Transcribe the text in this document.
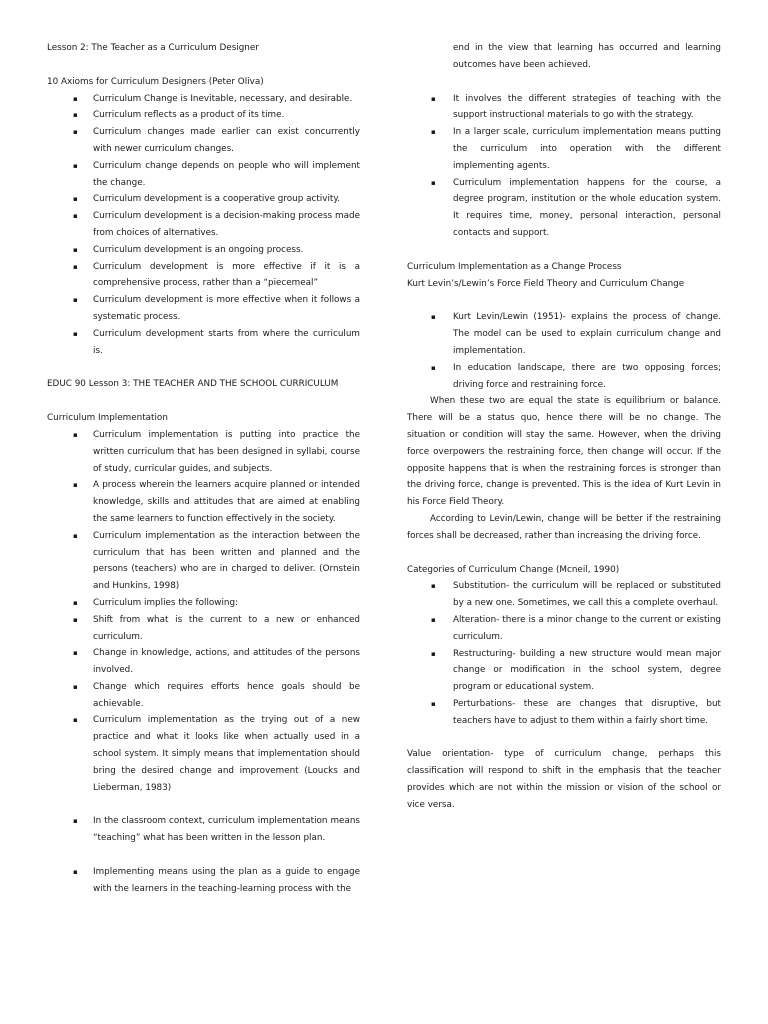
Lesson 2: The Teacher as a Curriculum Designer
10 Axioms for Curriculum Designers (Peter Oliva)
▪ Curriculum Change is Inevitable, necessary, and desirable.
▪ Curriculum reflects as a product of its time.
▪ Curriculum changes made earlier can exist concurrently with newer curriculum changes.
▪ Curriculum change depends on people who will implement the change.
▪ Curriculum development is a cooperative group activity.
▪ Curriculum development is a decision-making process made from choices of alternatives.
▪ Curriculum development is an ongoing process.
▪ Curriculum development is more effective if it is a comprehensive process, rather than a “piecemeal”
▪ Curriculum development is more effective when it follows a systematic process.
▪ Curriculum development starts from where the curriculum is.
EDUC 90 Lesson 3: THE TEACHER AND THE SCHOOL CURRICULUM
Curriculum Implementation
▪ Curriculum implementation is putting into practice the written curriculum that has been designed in syllabi, course of study, curricular guides, and subjects.
▪ A process wherein the learners acquire planned or intended knowledge, skills and attitudes that are aimed at enabling the same learners to function effectively in the society.
▪ Curriculum implementation as the interaction between the curriculum that has been written and planned and the persons (teachers) who are in charged to deliver. (Ornstein and Hunkins, 1998)
▪ Curriculum implies the following:
▪ Shift from what is the current to a new or enhanced curriculum.
▪ Change in knowledge, actions, and attitudes of the persons involved.
▪ Change which requires efforts hence goals should be achievable.
▪ Curriculum implementation as the trying out of a new practice and what it looks like when actually used in a school system. It simply means that implementation should bring the desired change and improvement (Loucks and Lieberman, 1983)
▪ In the classroom context, curriculum implementation means “teaching” what has been written in the lesson plan.
▪ Implementing means using the plan as a guide to engage with the learners in the teaching-learning process with the
end in the view that learning has occurred and learning outcomes have been achieved.
▪ It involves the different strategies of teaching with the support instructional materials to go with the strategy.
▪ In a larger scale, curriculum implementation means putting the curriculum into operation with the different implementing agents.
▪ Curriculum implementation happens for the course, a degree program, institution or the whole education system. It requires time, money, personal interaction, personal contacts and support.
Curriculum Implementation as a Change Process
Kurt Levin’s/Lewin’s Force Field Theory and Curriculum Change
▪ Kurt Levin/Lewin (1951)- explains the process of change. The model can be used to explain curriculum change and implementation.
▪ In education landscape, there are two opposing forces; driving force and restraining force.

When these two are equal the state is equilibrium or balance. There will be a status quo, hence there will be no change. The situation or condition will stay the same. However, when the driving force overpowers the restraining force, then change will occur. If the opposite happens that is when the restraining forces is stronger than the driving force, change is prevented. This is the idea of Kurt Levin in his Force Field Theory.

According to Levin/Lewin, change will be better if the restraining forces shall be decreased, rather than increasing the driving force.

Categories of Curriculum Change (Mcneil, 1990)
▪ Substitution- the curriculum will be replaced or substituted by a new one. Sometimes, we call this a complete overhaul.
▪ Alteration- there is a minor change to the current or existing curriculum.
▪ Restructuring- building a new structure would mean major change or modification in the school system, degree program or educational system.
▪ Perturbations- these are changes that disruptive, but teachers have to adjust to them within a fairly short time.

Value orientation- type of curriculum change, perhaps this classification will respond to shift in the emphasis that the teacher provides which are not within the mission or vision of the school or vice versa.
